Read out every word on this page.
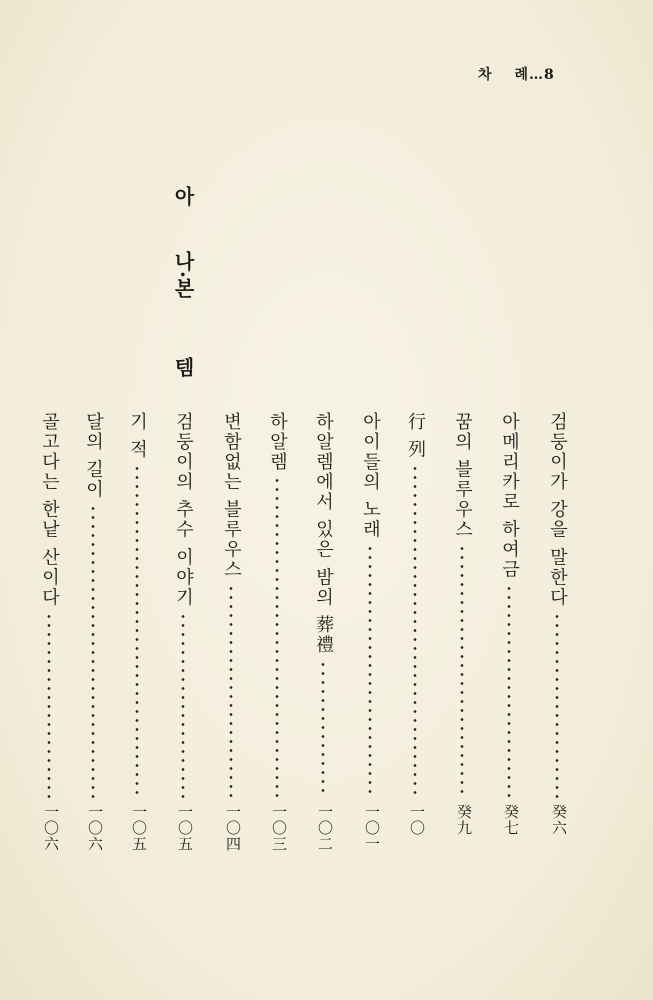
차 례…8
아 나·본 템
검둥이가 강을 말한다
癸六
아메리카로 하여금
癸七
꿈의 블루우스
癸九
行 列
一〇
아이들의 노래
一〇一
하알렘에서 있은 밤의 葬禮
一〇二
하알렘
一〇三
변함없는 블루우스
一〇四
검둥이의 추수 이야기
一〇五
기 적
一〇五
달의 길이
一〇六
골고다는 한낱 산이다
一〇六
